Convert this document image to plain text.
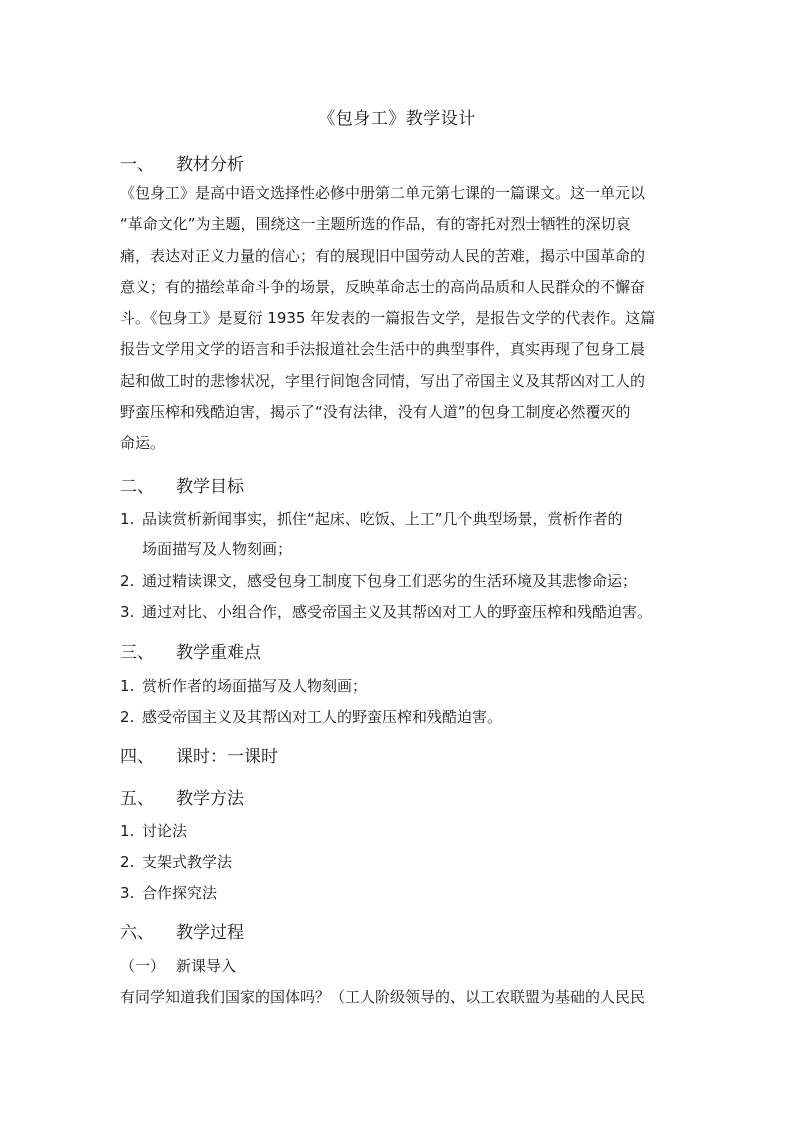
《包身工》教学设计
一、 教材分析
《包身工》是高中语文选择性必修中册第二单元第七课的一篇课文。这一单元以
“革命文化”为主题，围绕这一主题所选的作品，有的寄托对烈士牺牲的深切哀
痛，表达对正义力量的信心；有的展现旧中国劳动人民的苦难，揭示中国革命的
意义；有的描绘革命斗争的场景，反映革命志士的高尚品质和人民群众的不懈奋
斗。《包身工》是夏衍 1935 年发表的一篇报告文学，是报告文学的代表作。这篇
报告文学用文学的语言和手法报道社会生活中的典型事件，真实再现了包身工晨
起和做工时的悲惨状况，字里行间饱含同情，写出了帝国主义及其帮凶对工人的
野蛮压榨和残酷迫害，揭示了“没有法律，没有人道”的包身工制度必然覆灭的
命运。
二、 教学目标
1. 品读赏析新闻事实，抓住“起床、吃饭、上工”几个典型场景，赏析作者的
场面描写及人物刻画；
2. 通过精读课文，感受包身工制度下包身工们恶劣的生活环境及其悲惨命运；
3. 通过对比、小组合作，感受帝国主义及其帮凶对工人的野蛮压榨和残酷迫害。
三、 教学重难点
1. 赏析作者的场面描写及人物刻画；
2. 感受帝国主义及其帮凶对工人的野蛮压榨和残酷迫害。
四、 课时：一课时
五、 教学方法
1. 讨论法
2. 支架式教学法
3. 合作探究法
六、 教学过程
（一） 新课导入
有同学知道我们国家的国体吗？（工人阶级领导的、以工农联盟为基础的人民民
